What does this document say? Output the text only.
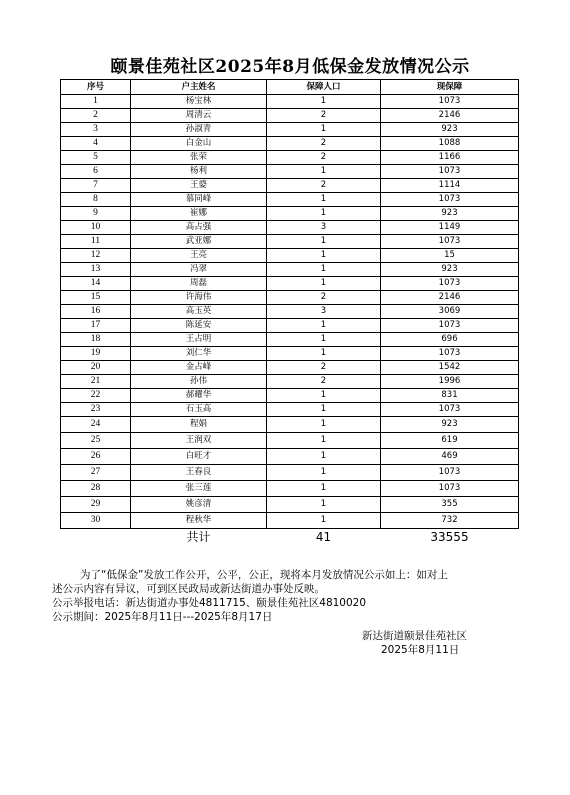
颐景佳苑社区2025年8月低保金发放情况公示
序号	户主姓名	保障人口	现保障
1	杨宝林	1	1073
2	周清云	2	2146
3	孙淑青	1	923
4	白金山	2	1088
5	张荣	2	1166
6	杨利	1	1073
7	王婆	2	1114
8	慕同峰	1	1073
9	崔娜	1	923
10	高占强	3	1149
11	武亚娜	1	1073
12	王亮	1	15
13	冯翠	1	923
14	周磊	1	1073
15	许海伟	2	2146
16	高玉英	3	3069
17	陈延安	1	1073
18	王占明	1	696
19	刘仁华	1	1073
20	金占峰	2	1542
21	孙伟	2	1996
22	郝耀华	1	831
23	石玉高	1	1073
24	程娟	1	923
25	王润双	1	619
26	白旺才	1	469
27	王春良	1	1073
28	张三莲	1	1073
29	姚彦清	1	355
30	程秋华	1	732
	共计	41	33555
为了“低保金”发放工作公开，公平，公正，现将本月发放情况公示如上：如对上
述公示内容有异议，可到区民政局或新达街道办事处反映。
公示举报电话：新达街道办事处4811715、颐景佳苑社区4810020
公示期间：2025年8月11日---2025年8月17日
新达街道颐景佳苑社区
2025年8月11日
